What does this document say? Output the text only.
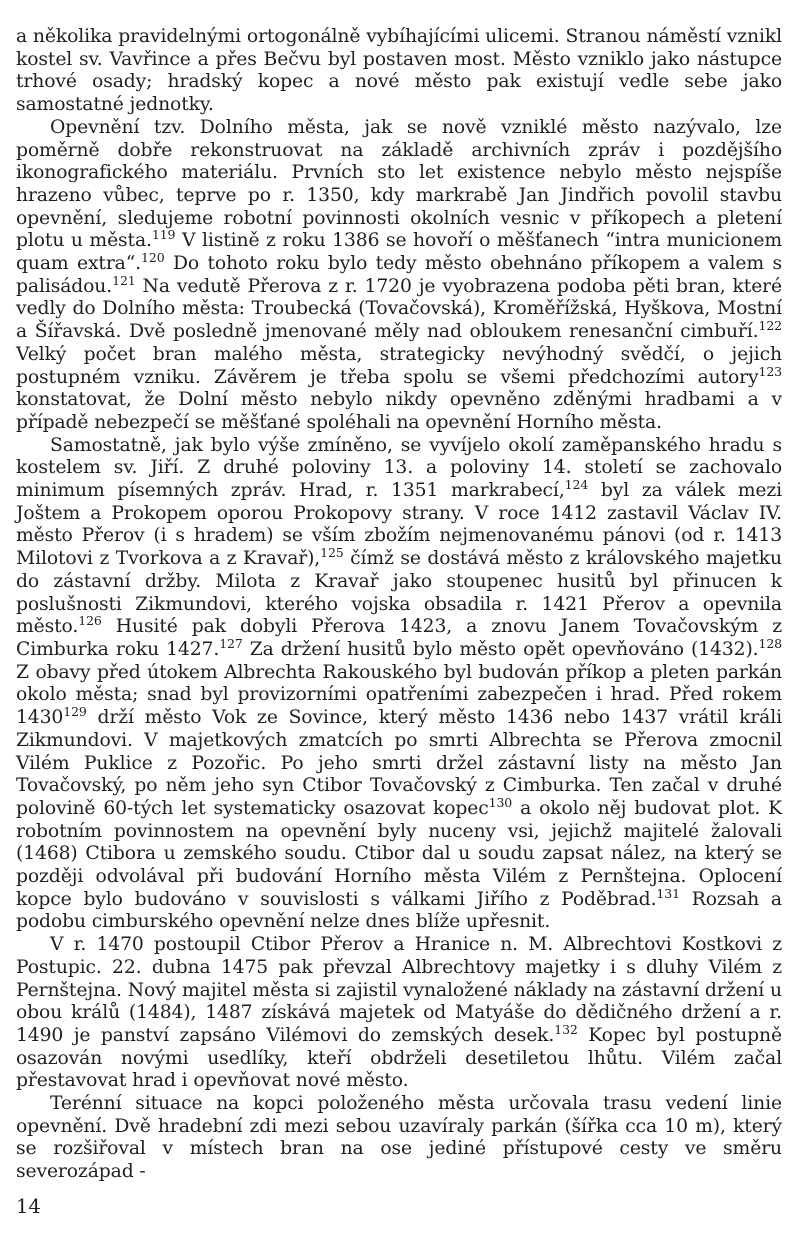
a několika pravidelnými ortogonálně vybíhajícími ulicemi. Stranou náměstí vznikl kostel sv. Vavřince a přes Bečvu byl postaven most. Město vzniklo jako nástupce trhové osady; hradský kopec a nové město pak existují vedle sebe jako samostatné jednotky.

Opevnění tzv. Dolního města, jak se nově vzniklé město nazývalo, lze poměrně dobře rekonstruovat na základě archivních zpráv i pozdějšího ikonografického materiálu. Prvních sto let existence nebylo město nejspíše hrazeno vůbec, teprve po r. 1350, kdy markrabě Jan Jindřich povolil stavbu opevnění, sledujeme robotní povinnosti okolních vesnic v příkopech a pletení plotu u města.$^{119}$ V listině z roku 1386 se hovoří o měšťanech “intra municionem quam extra“.$^{120}$ Do tohoto roku bylo tedy město obehnáno příkopem a valem s palisádou.$^{121}$ Na vedutě Přerova z r. 1720 je vyobrazena podoba pěti bran, které vedly do Dolního města: Troubecká (Tovačovská), Kroměřížská, Hyškova, Mostní a Šířavská. Dvě posledně jmenované měly nad obloukem renesanční cimbuří.$^{122}$ Velký počet bran malého města, strategicky nevýhodný svědčí, o jejich postupném vzniku. Závěrem je třeba spolu se všemi předchozími autory$^{123}$ konstatovat, že Dolní město nebylo nikdy opevněno zděnými hradbami a v případě nebezpečí se měšťané spoléhali na opevnění Horního města.

Samostatně, jak bylo výše zmíněno, se vyvíjelo okolí zaměpanského hradu s kostelem sv. Jiří. Z druhé poloviny 13. a poloviny 14. století se zachovalo minimum písemných zpráv. Hrad, r. 1351 markrabecí,$^{124}$ byl za válek mezi Joštem a Prokopem oporou Prokopovy strany. V roce 1412 zastavil Václav IV. město Přerov (i s hradem) se vším zbožím nejmenovanému pánovi (od r. 1413 Milotovi z Tvorkova a z Kravař),$^{125}$ čímž se dostává město z královského majetku do zástavní držby. Milota z Kravař jako stoupenec husitů byl přinucen k poslušnosti Zikmundovi, kterého vojska obsadila r. 1421 Přerov a opevnila město.$^{126}$ Husité pak dobyli Přerova 1423, a znovu Janem Tovačovským z Cimburka roku 1427.$^{127}$ Za držení husitů bylo město opět opevňováno (1432).$^{128}$ Z obavy před útokem Albrechta Rakouského byl budován příkop a pleten parkán okolo města; snad byl provizorními opatřeními zabezpečen i hrad. Před rokem 1430$^{129}$ drží město Vok ze Sovince, který město 1436 nebo 1437 vrátil králi Zikmundovi. V majetkových zmatcích po smrti Albrechta se Přerova zmocnil Vilém Puklice z Pozořic. Po jeho smrti držel zástavní listy na město Jan Tovačovský, po něm jeho syn Ctibor Tovačovský z Cimburka. Ten začal v druhé polovině 60-tých let systematicky osazovat kopec$^{130}$ a okolo něj budovat plot. K robotním povinnostem na opevnění byly nuceny vsi, jejichž majitelé žalovali (1468) Ctibora u zemského soudu. Ctibor dal u soudu zapsat nález, na který se později odvolával při budování Horního města Vilém z Pernštejna. Oplocení kopce bylo budováno v souvislosti s válkami Jiřího z Poděbrad.$^{131}$ Rozsah a podobu cimburského opevnění nelze dnes blíže upřesnit.

V r. 1470 postoupil Ctibor Přerov a Hranice n. M. Albrechtovi Kostkovi z Postupic. 22. dubna 1475 pak převzal Albrechtovy majetky i s dluhy Vilém z Pernštejna. Nový majitel města si zajistil vynaložené náklady na zástavní držení u obou králů (1484), 1487 získává majetek od Matyáše do dědičného držení a r. 1490 je panství zapsáno Vilémovi do zemských desek.$^{132}$ Kopec byl postupně osazován novými usedlíky, kteří obdrželi desetiletou lhůtu. Vilém začal přestavovat hrad i opevňovat nové město.

Terénní situace na kopci položeného města určovala trasu vedení linie opevnění. Dvě hradební zdi mezi sebou uzavíraly parkán (šířka cca 10 m), který se rozšiřoval v místech bran na ose jediné přístupové cesty ve směru severozápad -

14
